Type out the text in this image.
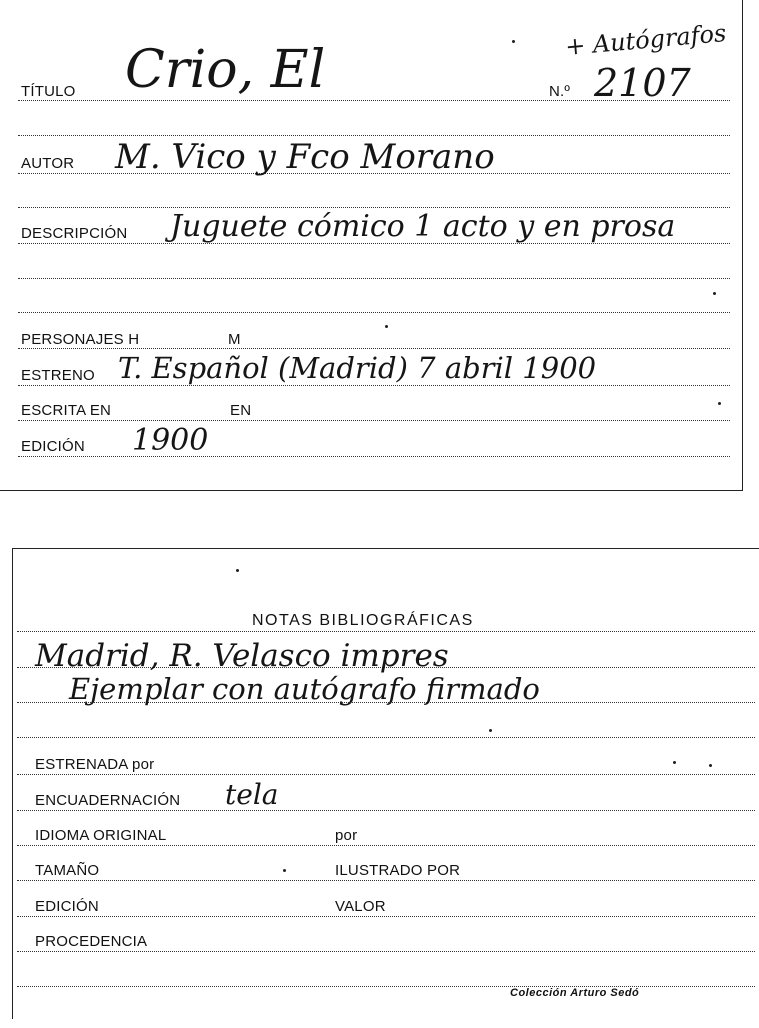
TÍTULO Crio, El	N.º 2107
+ Autógrafos
AUTOR M. Vico y Fco Morano
DESCRIPCIÓN Juguete cómico 1 acto y en prosa
PERSONAJES H	M
ESTRENO T. Español (Madrid) 7 abril 1900
ESCRITA EN	EN
EDICIÓN 1900
NOTAS BIBLIOGRÁFICAS
Madrid, R. Velasco impres
Ejemplar con autógrafo firmado
ESTRENADA por
ENCUADERNACIÓN tela
IDIOMA ORIGINAL	por
TAMAÑO	ILUSTRADO POR
EDICIÓN	VALOR
PROCEDENCIA
Colección Arturo Sedó
